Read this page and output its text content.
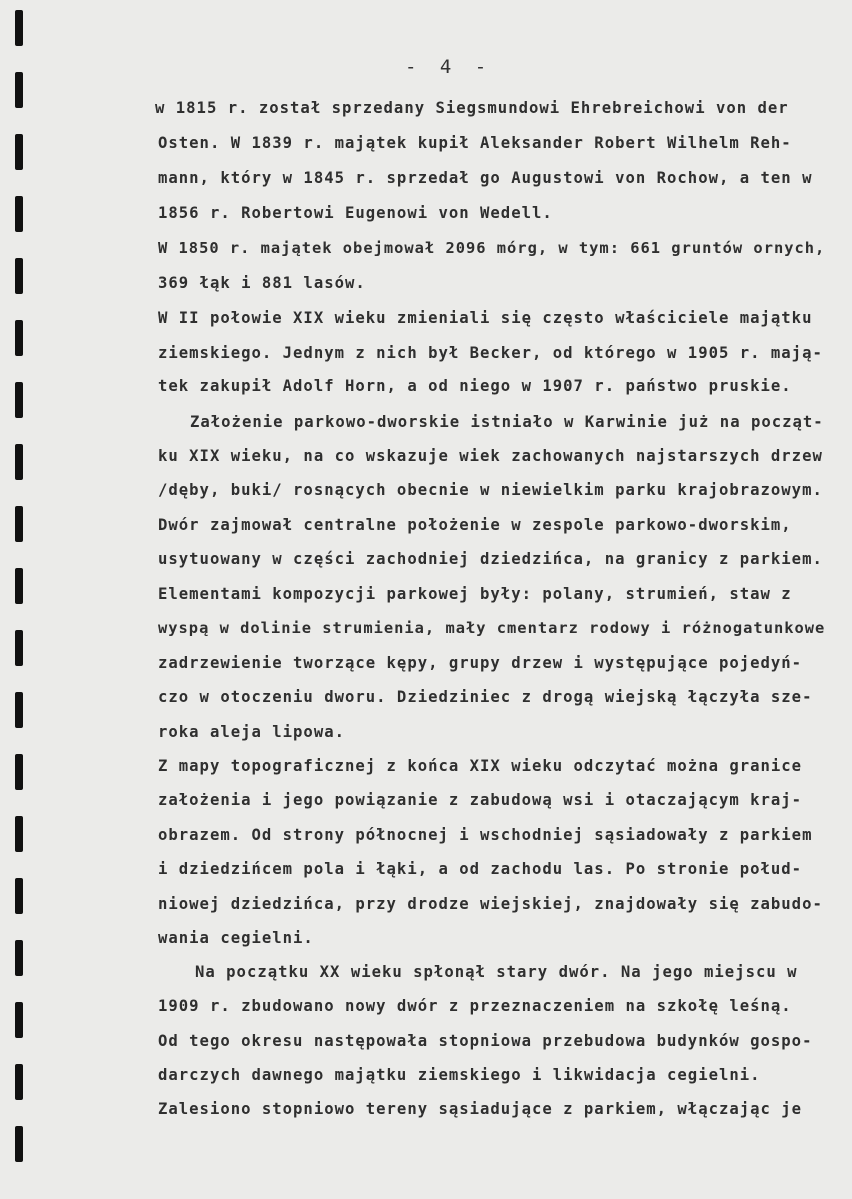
- 4 -
w 1815 r. został sprzedany Siegsmundowi Ehrebreichowi von der
Osten. W 1839 r. majątek kupił Aleksander Robert Wilhelm Reh-
mann, który w 1845 r. sprzedał go Augustowi von Rochow, a ten w
1856 r. Robertowi Eugenowi von Wedell.
W 1850 r. majątek obejmował 2096 mórg, w tym: 661 gruntów ornych,
369 łąk i 881 lasów.
W II połowie XIX wieku zmieniali się często właściciele majątku
ziemskiego. Jednym z nich był Becker, od którego w 1905 r. mają-
tek zakupił Adolf Horn, a od niego w 1907 r. państwo pruskie.
Założenie parkowo-dworskie istniało w Karwinie już na począt-
ku XIX wieku, na co wskazuje wiek zachowanych najstarszych drzew
/dęby, buki/ rosnących obecnie w niewielkim parku krajobrazowym.
Dwór zajmował centralne położenie w zespole parkowo-dworskim,
usytuowany w części zachodniej dziedzińca, na granicy z parkiem.
Elementami kompozycji parkowej były: polany, strumień, staw z
wyspą w dolinie strumienia, mały cmentarz rodowy i różnogatunkowe
zadrzewienie tworzące kępy, grupy drzew i występujące pojedyń-
czo w otoczeniu dworu. Dziedziniec z drogą wiejską łączyła sze-
roka aleja lipowa.
Z mapy topograficznej z końca XIX wieku odczytać można granice
założenia i jego powiązanie z zabudową wsi i otaczającym kraj-
obrazem. Od strony północnej i wschodniej sąsiadowały z parkiem
i dziedzińcem pola i łąki, a od zachodu las. Po stronie połud-
niowej dziedzińca, przy drodze wiejskiej, znajdowały się zabudo-
wania cegielni.
Na początku XX wieku spłonął stary dwór. Na jego miejscu w
1909 r. zbudowano nowy dwór z przeznaczeniem na szkołę leśną.
Od tego okresu następowała stopniowa przebudowa budynków gospo-
darczych dawnego majątku ziemskiego i likwidacja cegielni.
Zalesiono stopniowo tereny sąsiadujące z parkiem, włączając je
